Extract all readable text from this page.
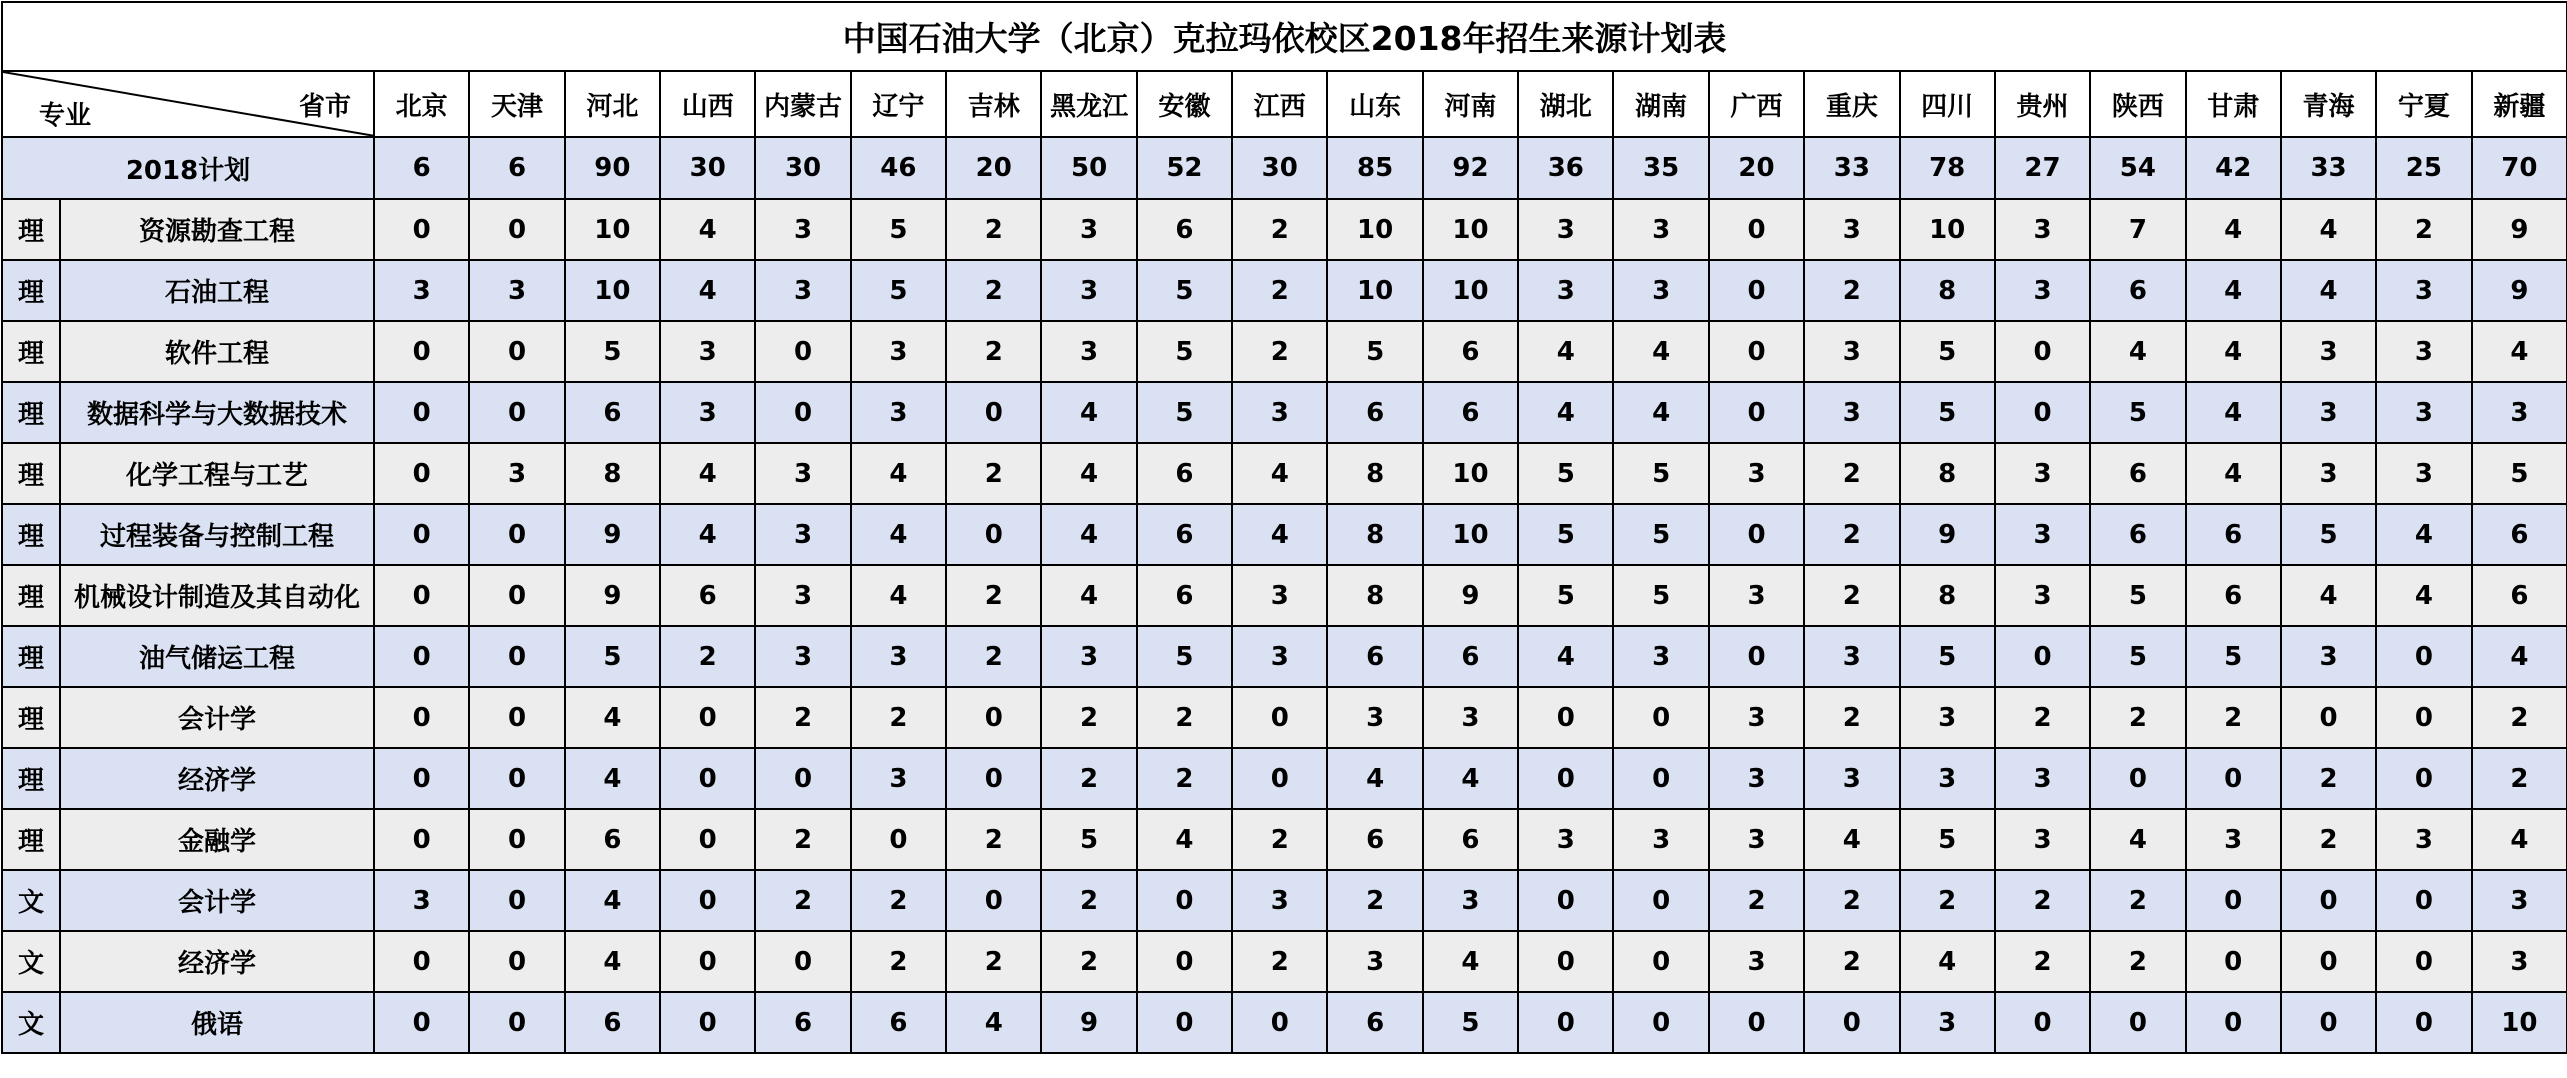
中国石油大学（北京）克拉玛依校区2018年招生来源计划表																								

省市
专业		北京	天津	河北	山西	内蒙古	辽宁	吉林	黑龙江	安徽	江西	山东	河南	湖北	湖南	广西	重庆	四川	贵州	陕西	甘肃	青海	宁夏	新疆
2018计划		6	6	90	30	30	46	20	50	52	30	85	92	36	35	20	33	78	27	54	42	33	25	70
理	资源勘查工程	0	0	10	4	3	5	2	3	6	2	10	10	3	3	0	3	10	3	7	4	4	2	9
理	石油工程	3	3	10	4	3	5	2	3	5	2	10	10	3	3	0	2	8	3	6	4	4	3	9
理	软件工程	0	0	5	3	0	3	2	3	5	2	5	6	4	4	0	3	5	0	4	4	3	3	4
理	数据科学与大数据技术	0	0	6	3	0	3	0	4	5	3	6	6	4	4	0	3	5	0	5	4	3	3	3
理	化学工程与工艺	0	3	8	4	3	4	2	4	6	4	8	10	5	5	3	2	8	3	6	4	3	3	5
理	过程装备与控制工程	0	0	9	4	3	4	0	4	6	4	8	10	5	5	0	2	9	3	6	6	5	4	6
理	机械设计制造及其自动化	0	0	9	6	3	4	2	4	6	3	8	9	5	5	3	2	8	3	5	6	4	4	6
理	油气储运工程	0	0	5	2	3	3	2	3	5	3	6	6	4	3	0	3	5	0	5	5	3	0	4
理	会计学	0	0	4	0	2	2	0	2	2	0	3	3	0	0	3	2	3	2	2	2	0	0	2
理	经济学	0	0	4	0	0	3	0	2	2	0	4	4	0	0	3	3	3	3	0	0	2	0	2
理	金融学	0	0	6	0	2	0	2	5	4	2	6	6	3	3	3	4	5	3	4	3	2	3	4
文	会计学	3	0	4	0	2	2	0	2	0	3	2	3	0	0	2	2	2	2	2	0	0	0	3
文	经济学	0	0	4	0	0	2	2	2	0	2	3	4	0	0	3	2	4	2	2	0	0	0	3
文	俄语	0	0	6	0	6	6	4	9	0	0	6	5	0	0	0	0	3	0	0	0	0	0	10
